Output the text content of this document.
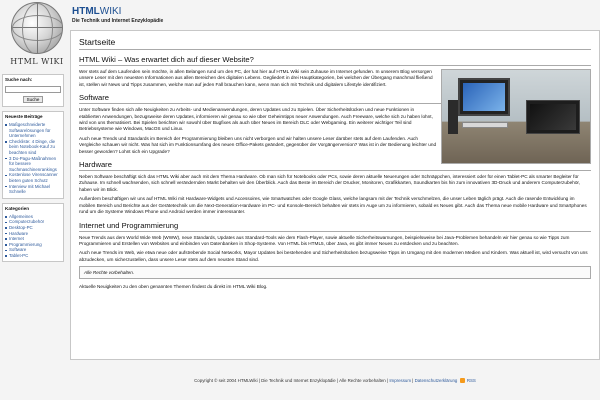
HTML WIKI
HTMLWIKI
Die Technik und Internet Enzyklopädie
Suche nach:
Suche
Neueste Beiträge
Maßgeschneiderte Softwarelösungen für Unternehmen
Checkliste: 4 Dinge, die beim Notebook-Kauf zu beachten sind
3 Do-Pagu-Maßnahmen für bessere Suchmaschinenrankings
Kostenlose Virenscanner bieten guten Schutz
Interview mit Michael Schnelle
Kategorien
Allgemeines
Computerzubehör
Desktop-PC
Hardware
Internet
Programmierung
Software
Tablet-PC
Startseite
HTML Wiki – Was erwartet dich auf dieser Website?

Wer stets auf dem Laufenden sein möchte, in allen Belangen rund um den PC, der hat hier auf HTML Wiki sein Zuhause im Internet gefunden. In unserem Blog versorgen unsere Leser mit den neuesten Informationen aus allen Bereichen des digitalen Lebens. Gegliedert in drei Hauptkategorien, bei welchen der Übergang manchmal fließend ist, stellen wir News und Tipps zusammen, welche man auf jeden Fall brauchen kann, wenn man sich mit Technik und digitalem Lifestyle identifiziert.

Software

Unter Software finden sich alle Neuigkeiten zu Arbeits- und Medienanwendungen, deren Updates und zu Spielen. Über Sicherheitslücken und neue Funktionen in etablierten Anwendungen, bezugsweise deren Updates, informieren wir genau so wie über Geheimtipps neuer Anwendungen. Auch Freeware, welche sich zu haben lohnt, wird von uns thematisiert. Bei Spielen berichten wir sowohl über Bugfixes als auch über Neues im Bereich DLC oder Webgaming. Ein weiterer wichtiger Teil sind Betriebssysteme wie Windows, MacOS und Linux.

Auch neue Trends und Standards im Bereich der Programmierung bleiben uns nicht verborgen und wir halten unsere Leser darüber stets auf dem Laufenden. Auch Vergleiche schauen wir nicht. Was hat sich im Funktionsumfang des neuen Office-Pakets geändert, gegenüber der Vorgängerversion? Was ist in der Bedienung leichter und besser geworden? Lohnt sich ein Upgrade?

Hardware

Neben Software beschäftigt sich das HTML Wiki aber auch mit dem Thema Hardware. Ob man sich für Notebooks oder PCs, sowie deren aktuelle Neuerungen oder Schnäppchen, interessiert oder für einen Tablet-PC als smarter Begleiter für Zuhause. Im schnell wachsenden, sich schnell verändernden Markt behalten wir den Überblick. Auch das Beste im Bereich der Drucker, Monitoren, Grafikkarten, Soundkarten bis hin zum innovativen 3D-Druck und anderem Computerzubehör, haben wir im Blick.

Außerdem beschäftigen wir uns auf HTML Wiki mit Hardware-Widgets und Accessoires, wie Smartwatches oder Google Glass, welche langsam mit der Technik verschmelzen, die unser Leben täglich prägt. Auch die rasende Entwicklung im mobilen Bereich und Berichte aus der Gerätetechnik um die Next-Generation-Hardware im PC- und Konsole-Bereich behalten wir stets im Auge um zu informieren, sobald es Neues gibt. Auch das Thema neue mobile Hardware und Smartphones rund um die Systeme Windows Phone und Android werden immer interessanter.

Internet und Programmierung

Neue Trends aus dem World Wide Web (WWW), neue Standards, Updates aus Standard-Tools wie dem Flash-Player, sowie aktuelle Sicherheitswarnungen, beispielsweise bei Java-Problemen behandeln wir hier genau so wie Tipps zum Programmieren und Erstellen von Websites und einbinden von Datenbanken in Shop-Systeme. Von HTML bis HTML5, über Java, es gibt immer Neues zu entdecken und zu beachten.

Auch neue Trends im Web, wie etwa neue oder aufstrebende Social Networks, Mayor Updates bei bestehenden und Sicherheitslücken bezugsweise Tipps im Umgang mit den modernen Medien und Kindern. Was aktuell ist, wird versucht von uns abzudecken, um sicherzustellen, dass unsere Leser stets auf dem neusten Stand sind.

Alle Rechte vorbehalten.

Aktuelle Neuigkeiten zu den oben genannten Themen findest du direkt im HTML Wiki Blog.

Copyright © seit 2004 HTMLWiki | Die Technik und Internet Enzyklopädie | Alle Rechte vorbehalten | Impressum | Datenschutzerklärung RSS
